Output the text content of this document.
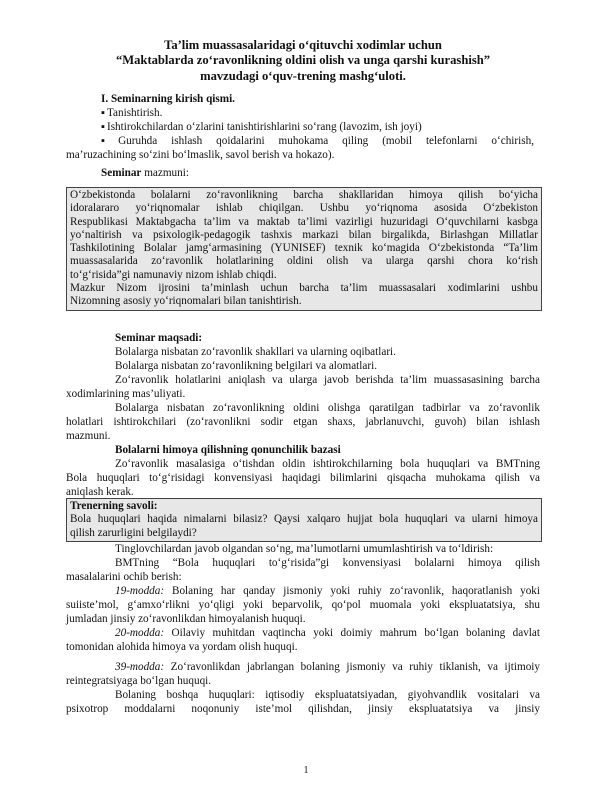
Ta’lim muassasalaridagi o‘qituvchi xodimlar uchun
“Maktablarda zo‘ravonlikning oldini olish va unga qarshi kurashish”
mavzudagi o‘quv-trening mashg‘uloti.
I. Seminarning kirish qismi.
▪ Tanishtirish.
▪ Ishtirokchilardan o‘zlarini tanishtirishlarini so‘rang (lavozim, ish joyi)
▪ Guruhda ishlash qoidalarini muhokama qiling (mobil telefonlarni o‘chirish,
ma’ruzachining so‘zini bo‘lmaslik, savol berish va hokazo).
Seminar mazmuni:
O‘zbekistonda bolalarni zo‘ravonlikning barcha shakllaridan himoya qilish bo‘yicha
idoralararo yo‘riqnomalar ishlab chiqilgan. Ushbu yo‘riqnoma asosida O‘zbekiston
Respublikasi Maktabgacha ta’lim va maktab ta’limi vazirligi huzuridagi O‘quvchilarni kasbga
yo‘naltirish va psixologik-pedagogik tashxis markazi bilan birgalikda, Birlashgan Millatlar
Tashkilotining Bolalar jamg‘armasining (YUNISEF) texnik ko‘magida O‘zbekistonda “Ta’lim
muassasalarida zo‘ravonlik holatlarining oldini olish va ularga qarshi chora ko‘rish
to‘g‘risida”gi namunaviy nizom ishlab chiqdi.
Mazkur Nizom ijrosini ta’minlash uchun barcha ta’lim muassasalari xodimlarini ushbu
Nizomning asosiy yo‘riqnomalari bilan tanishtirish.
Seminar maqsadi:
Bolalarga nisbatan zo‘ravonlik shakllari va ularning oqibatlari.
Bolalarga nisbatan zo‘ravonlikning belgilari va alomatlari.
Zo‘ravonlik holatlarini aniqlash va ularga javob berishda ta’lim muassasasining barcha
xodimlarining mas’uliyati.
Bolalarga nisbatan zo‘ravonlikning oldini olishga qaratilgan tadbirlar va zo‘ravonlik
holatlari ishtirokchilari (zo‘ravonlikni sodir etgan shaxs, jabrlanuvchi, guvoh) bilan ishlash
mazmuni.
Bolalarni himoya qilishning qonunchilik bazasi
Zo‘ravonlik masalasiga o‘tishdan oldin ishtirokchilarning bola huquqlari va BMTning
Bola huquqlari to‘g‘risidagi konvensiyasi haqidagi bilimlarini qisqacha muhokama qilish va
aniqlash kerak.
Trenerning savoli:
Bola huquqlari haqida nimalarni bilasiz? Qaysi xalqaro hujjat bola huquqlari va ularni himoya
qilish zarurligini belgilaydi?
Tinglovchilardan javob olgandan so‘ng, ma’lumotlarni umumlashtirish va to‘ldirish:
BMTning “Bola huquqlari to‘g‘risida”gi konvensiyasi bolalarni himoya qilish
masalalarini ochib berish:
19-modda: Bolaning har qanday jismoniy yoki ruhiy zo‘ravonlik, haqoratlanish yoki
suiiste’mol, g‘amxo‘rlikni yo‘qligi yoki beparvolik, qo‘pol muomala yoki ekspluatatsiya, shu
jumladan jinsiy zo‘ravonlikdan himoyalanish huquqi.
20-modda: Oilaviy muhitdan vaqtincha yoki doimiy mahrum bo‘lgan bolaning davlat
tomonidan alohida himoya va yordam olish huquqi.
39-modda: Zo‘ravonlikdan jabrlangan bolaning jismoniy va ruhiy tiklanish, va ijtimoiy
reintegratsiyaga bo‘lgan huquqi.
Bolaning boshqa huquqlari: iqtisodiy ekspluatatsiyadan, giyohvandlik vositalari va
psixotrop moddalarni noqonuniy iste’mol qilishdan, jinsiy ekspluatatsiya va jinsiy
1
